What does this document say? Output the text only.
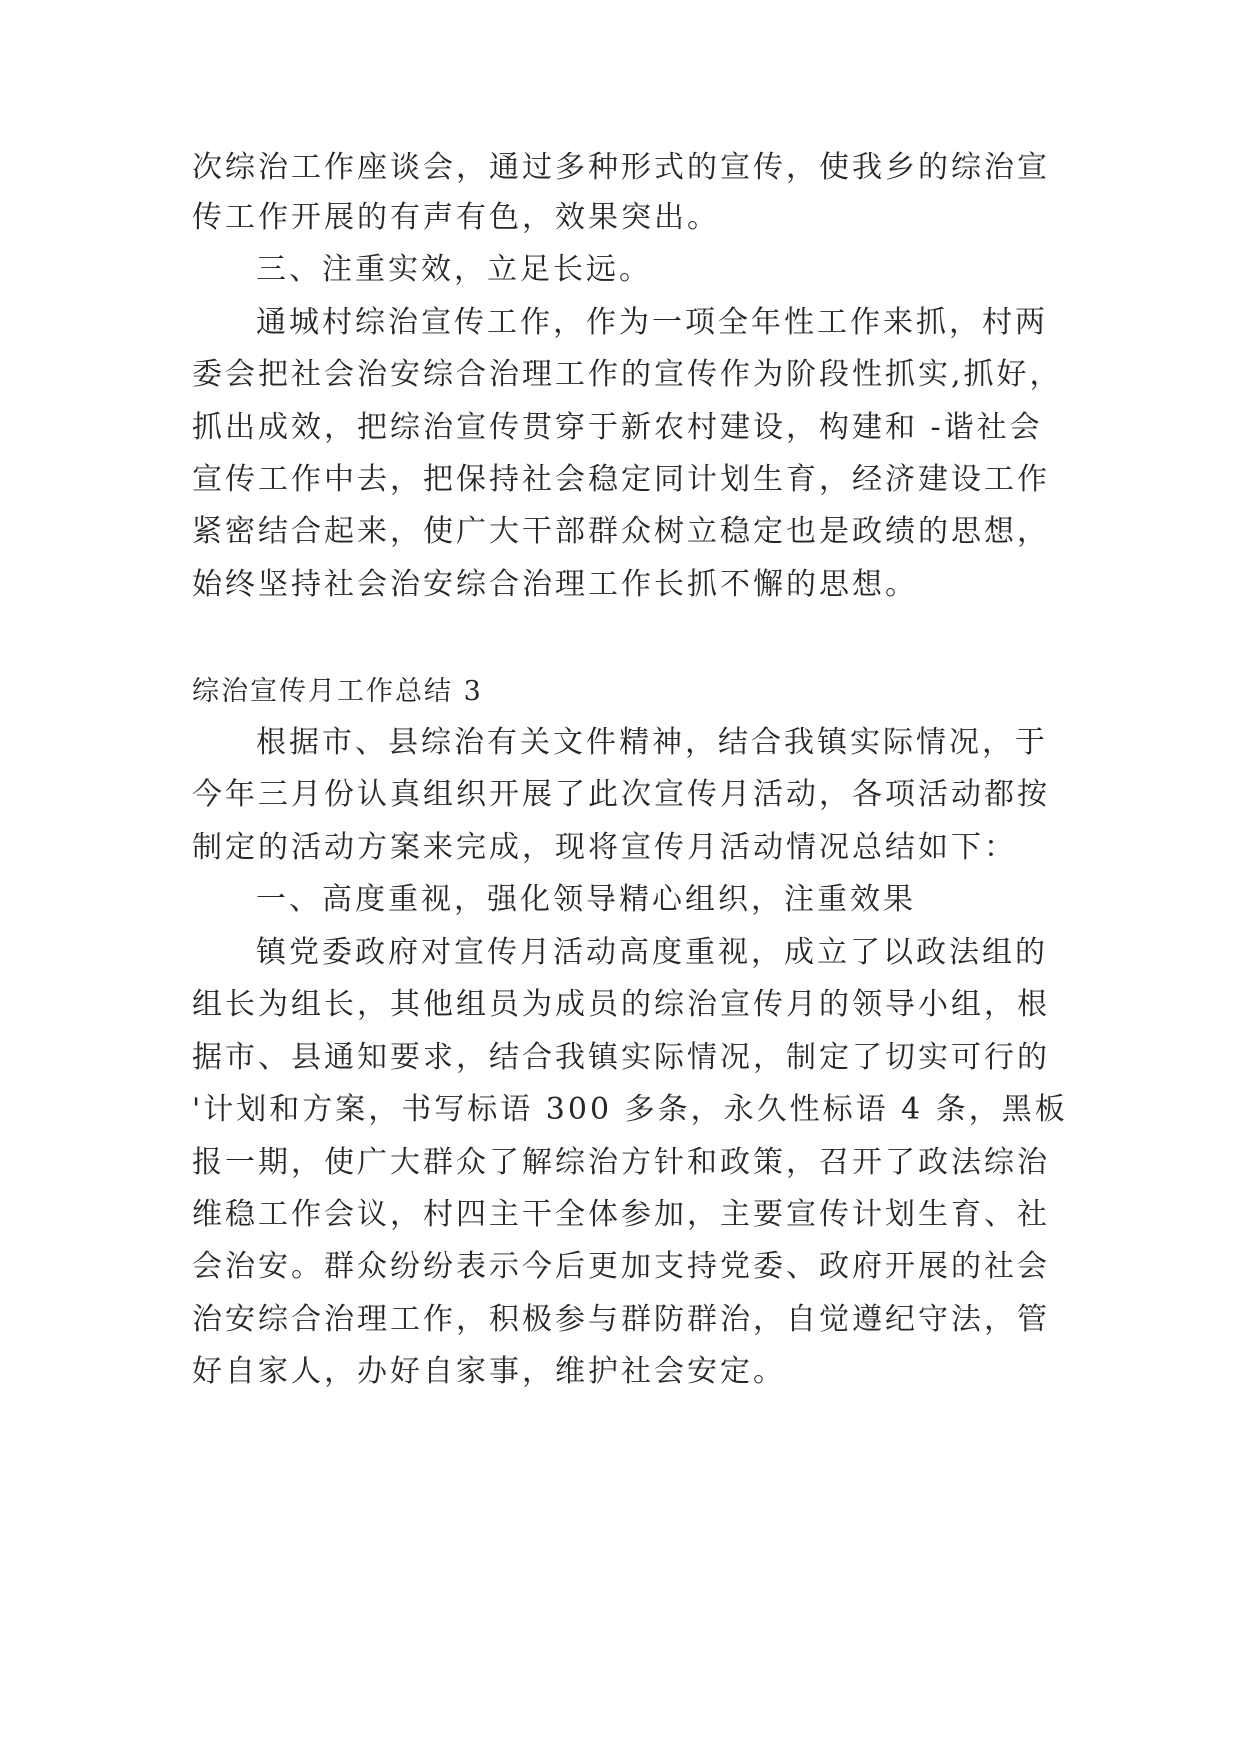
次综治工作座谈会，通过多种形式的宣传，使我乡的综治宣

传工作开展的有声有色，效果突出。

三、注重实效，立足长远。

通城村综治宣传工作，作为一项全年性工作来抓，村两

委会把社会治安综合治理工作的宣传作为阶段性抓实,抓好，

抓出成效，把综治宣传贯穿于新农村建设，构建和 -谐社会

宣传工作中去，把保持社会稳定同计划生育，经济建设工作

紧密结合起来，使广大干部群众树立稳定也是政绩的思想，

始终坚持社会治安综合治理工作长抓不懈的思想。

综治宣传月工作总结 3

根据市、县综治有关文件精神，结合我镇实际情况，于

今年三月份认真组织开展了此次宣传月活动，各项活动都按

制定的活动方案来完成，现将宣传月活动情况总结如下：

一、高度重视，强化领导精心组织，注重效果

镇党委政府对宣传月活动高度重视，成立了以政法组的

组长为组长，其他组员为成员的综治宣传月的领导小组，根

据市、县通知要求，结合我镇实际情况，制定了切实可行的

'计划和方案，书写标语 300 多条，永久性标语 4 条，黑板

报一期，使广大群众了解综治方针和政策，召开了政法综治

维稳工作会议，村四主干全体参加，主要宣传计划生育、社

会治安。群众纷纷表示今后更加支持党委、政府开展的社会

治安综合治理工作，积极参与群防群治，自觉遵纪守法，管

好自家人，办好自家事，维护社会安定。
